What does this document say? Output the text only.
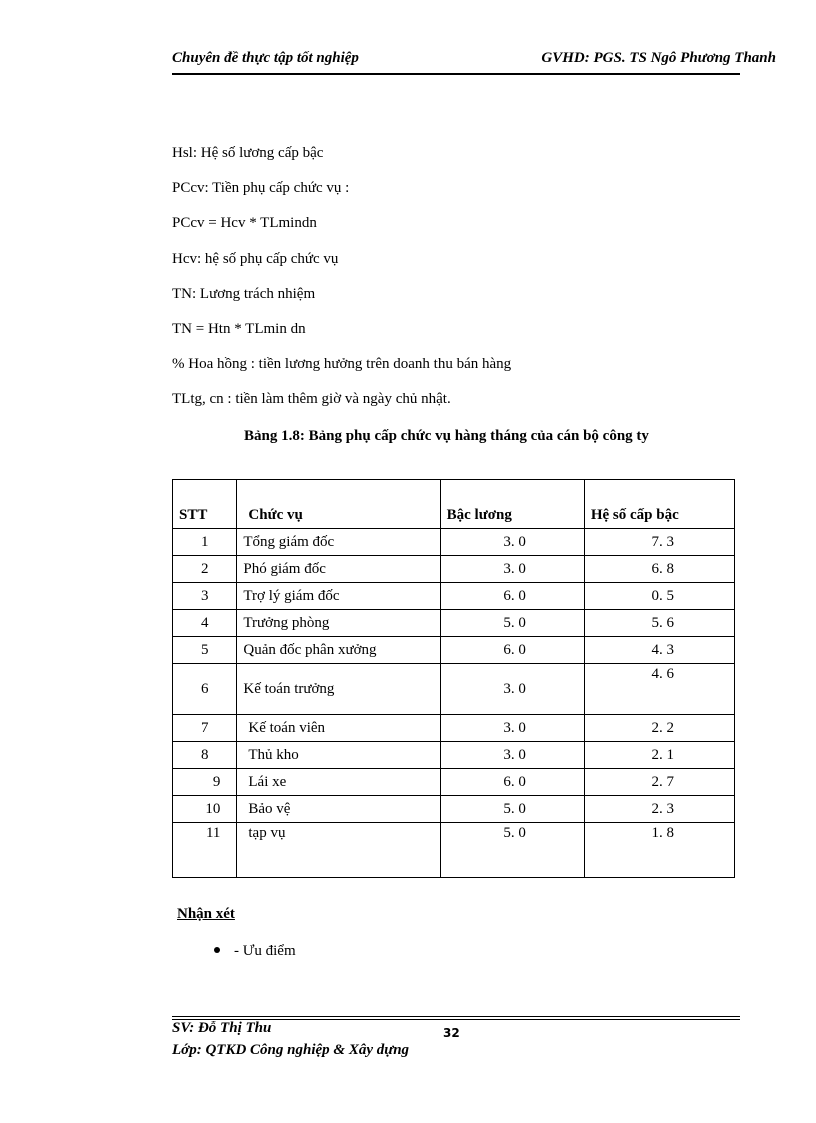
Chuyên đề thực tập tốt nghiệp	GVHD: PGS. TS Ngô Phương Thanh
Hsl: Hệ số lương cấp bậc
PCcv: Tiền phụ cấp chức vụ :
PCcv = Hcv * TLmindn
Hcv: hệ số phụ cấp chức vụ
TN: Lương trách nhiệm
TN = Htn * TLmin dn
% Hoa hồng : tiền lương hưởng trên doanh thu bán hàng
TLtg, cn : tiền làm thêm giờ và ngày chủ nhật.
Bảng 1.8: Bảng phụ cấp chức vụ hàng tháng của cán bộ công ty
STT	Chức vụ	Bậc lương	Hệ số cấp bậc
1	Tổng giám đốc	3. 0	7. 3
2	Phó giám đốc	3. 0	6. 8
3	Trợ lý giám đốc	6. 0	0. 5
4	Trưởng phòng	5. 0	5. 6
5	Quản đốc phân xưởng	6. 0	4. 3
6	Kế toán trưởng	3. 0	4. 6
7	Kế toán viên	3. 0	2. 2
8	Thủ kho	3. 0	2. 1
9	Lái xe	6. 0	2. 7
10	Bảo vệ	5. 0	2. 3
11	tạp vụ	5. 0	1. 8
Nhận xét
- Ưu điểm
SV: Đỗ Thị Thu	32
Lớp: QTKD Công nghiệp & Xây dựng
